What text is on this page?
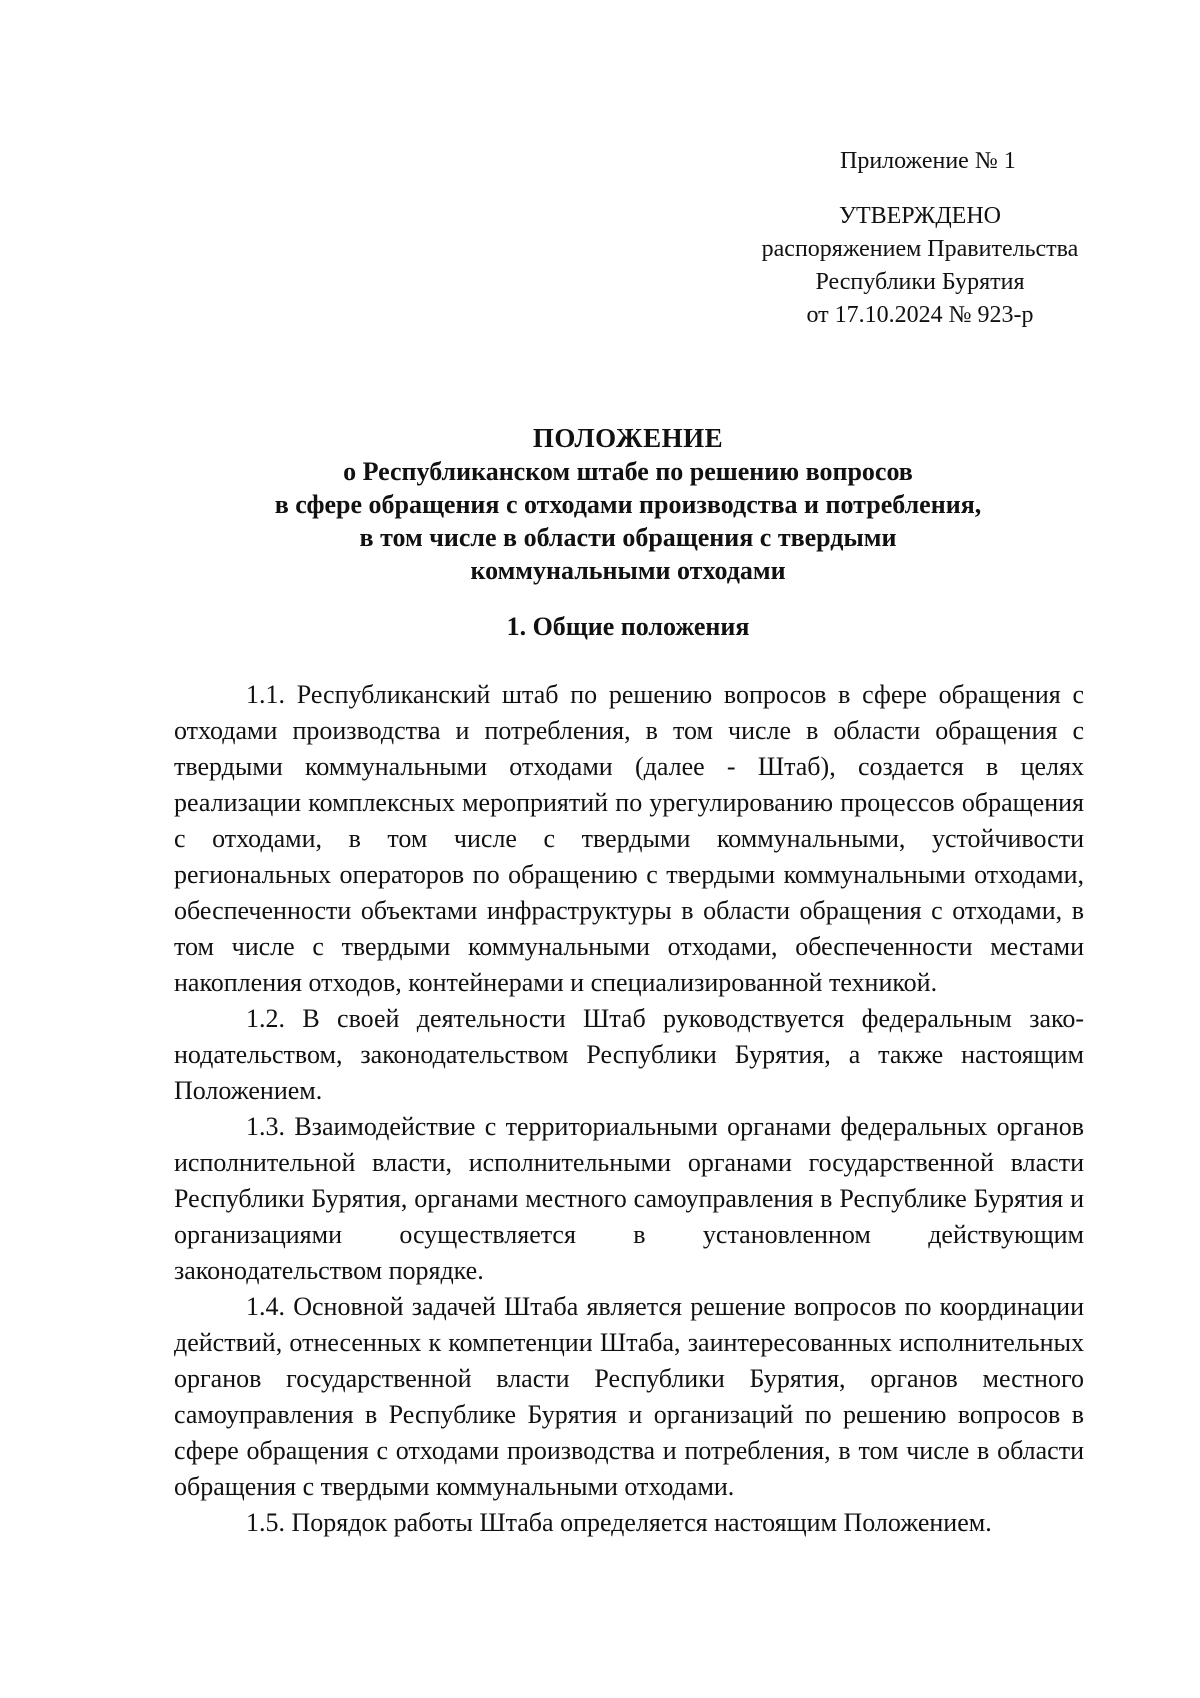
Приложение № 1
УТВЕРЖДЕНО
распоряжением Правительства
Республики Бурятия
от 17.10.2024 № 923-р
ПОЛОЖЕНИЕ
о Республиканском штабе по решению вопросов
в сфере обращения с отходами производства и потребления,
в том числе в области обращения с твердыми
коммунальными отходами
1. Общие положения

1.1. Республиканский штаб по решению вопросов в сфере обращения с отходами производства и потребления, в том числе в области обращения с твердыми коммунальными отходами (далее - Штаб), создается в целях реализации комплексных мероприятий по урегулированию процессов обращения с отходами, в том числе с твердыми коммунальными, устойчивости региональных операторов по обращению с твердыми коммунальными отходами, обеспеченности объектами инфраструктуры в области обращения с отходами, в том числе с твердыми коммунальными отходами, обеспеченности местами накопления отходов, контейнерами и специализированной техникой.

1.2. В своей деятельности Штаб руководствуется федеральным законодательством, законодательством Республики Бурятия, а также настоящим Положением.

1.3. Взаимодействие с территориальными органами федеральных органов исполнительной власти, исполнительными органами государственной власти Республики Бурятия, органами местного самоуправления в Республике Бурятия и организациями осуществляется в установленном действующим законодательством порядке.

1.4. Основной задачей Штаба является решение вопросов по координации действий, отнесенных к компетенции Штаба, заинтересованных исполнительных органов государственной власти Республики Бурятия, органов местного самоуправления в Республике Бурятия и организаций по решению вопросов в сфере обращения с отходами производства и потребления, в том числе в области обращения с твердыми коммунальными отходами.

1.5. Порядок работы Штаба определяется настоящим Положением.
